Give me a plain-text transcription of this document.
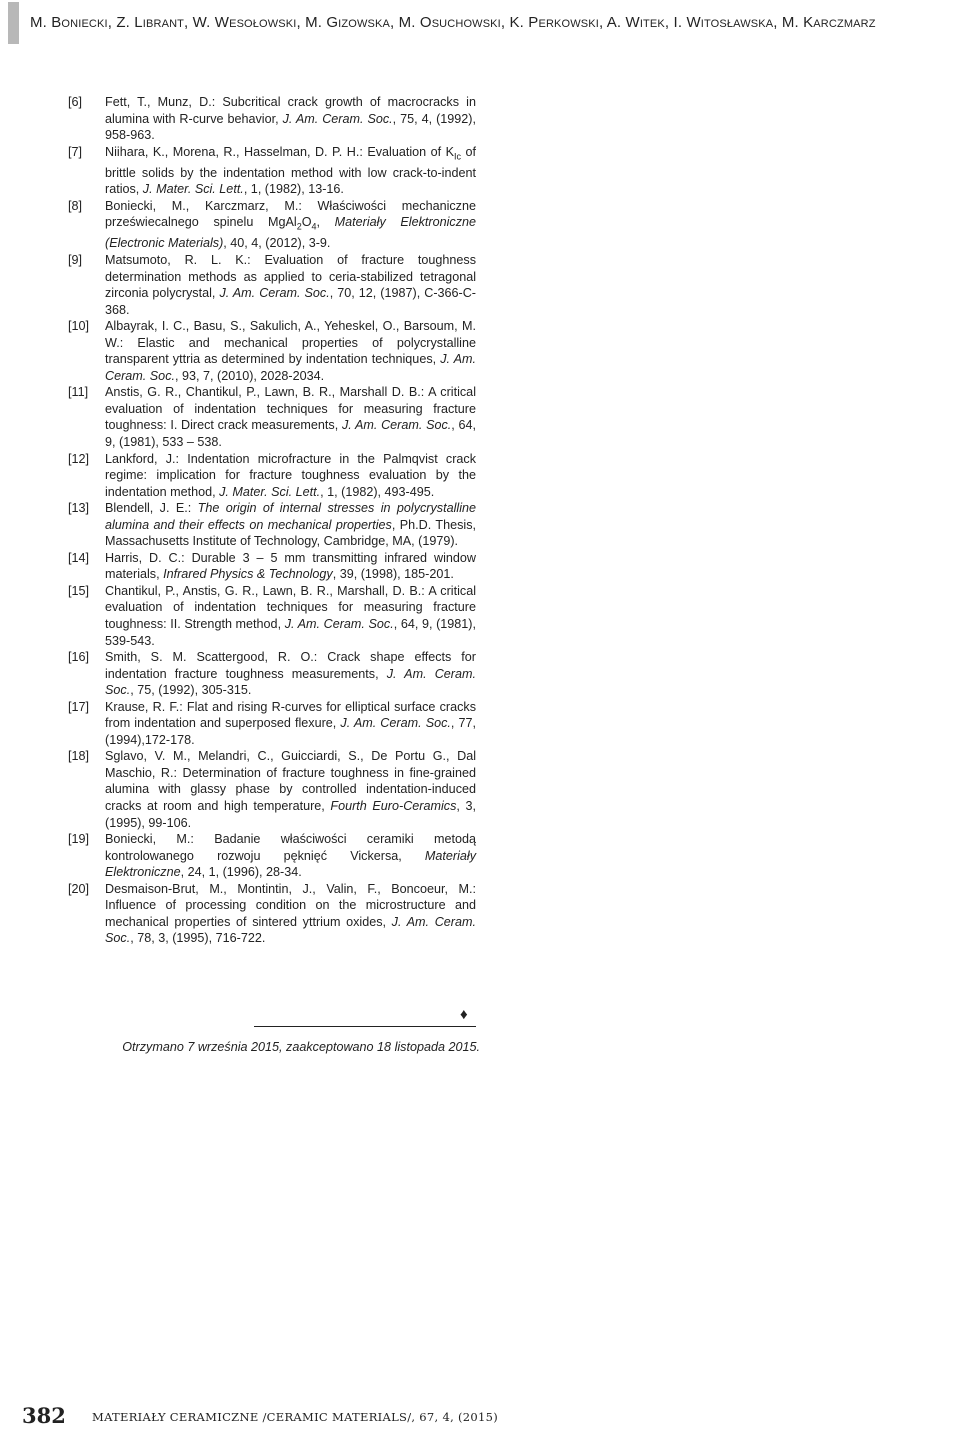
M. Boniecki, Z. Librant, W. Wesołowski, M. Gizowska, M. Osuchowski, K. Perkowski, A. Witek, I. Witosławska, M. Karczmarz
[6]	Fett, T., Munz, D.: Subcritical crack growth of macrocracks in alumina with R-curve behavior, J. Am. Ceram. Soc., 75, 4, (1992), 958-963.
[7]	Niihara, K., Morena, R., Hasselman, D. P. H.: Evaluation of $K_{Ic}$ of brittle solids by the indentation method with low crack-to-indent ratios, J. Mater. Sci. Lett., 1, (1982), 13-16.
[8]	Boniecki, M., Karczmarz, M.: Właściwości mechaniczne przeświecalnego spinelu $MgAl_2O_4$, Materiały Elektroniczne (Electronic Materials), 40, 4, (2012), 3-9.
[9]	Matsumoto, R. L. K.: Evaluation of fracture toughness determination methods as applied to ceria-stabilized tetragonal zirconia polycrystal, J. Am. Ceram. Soc., 70, 12, (1987), C-366-C-368.
[10]	Albayrak, I. C., Basu, S., Sakulich, A., Yeheskel, O., Barsoum, M. W.: Elastic and mechanical properties of polycrystalline transparent yttria as determined by indentation techniques, J. Am. Ceram. Soc., 93, 7, (2010), 2028-2034.
[11]	Anstis, G. R., Chantikul, P., Lawn, B. R., Marshall D. B.: A critical evaluation of indentation techniques for measuring fracture toughness: I. Direct crack measurements, J. Am. Ceram. Soc., 64, 9, (1981), 533 – 538.
[12]	Lankford, J.: Indentation microfracture in the Palmqvist crack regime: implication for fracture toughness evaluation by the indentation method, J. Mater. Sci. Lett., 1, (1982), 493-495.
[13]	Blendell, J. E.: The origin of internal stresses in polycrystalline alumina and their effects on mechanical properties, Ph.D. Thesis, Massachusetts Institute of Technology, Cambridge, MA, (1979).
[14]	Harris, D. C.: Durable 3 – 5 mm transmitting infrared window materials, Infrared Physics & Technology, 39, (1998), 185-201.
[15]	Chantikul, P., Anstis, G. R., Lawn, B. R., Marshall, D. B.: A critical evaluation of indentation techniques for measuring fracture toughness: II. Strength method, J. Am. Ceram. Soc., 64, 9, (1981), 539-543.
[16]	Smith, S. M. Scattergood, R. O.: Crack shape effects for indentation fracture toughness measurements, J. Am. Ceram. Soc., 75, (1992), 305-315.
[17]	Krause, R. F.: Flat and rising R-curves for elliptical surface cracks from indentation and superposed flexure, J. Am. Ceram. Soc., 77, (1994),172-178.
[18]	Sglavo, V. M., Melandri, C., Guicciardi, S., De Portu G., Dal Maschio, R.: Determination of fracture toughness in fine-grained alumina with glassy phase by controlled indentation-induced cracks at room and high temperature, Fourth Euro-Ceramics, 3, (1995), 99-106.
[19]	Boniecki, M.: Badanie właściwości ceramiki metodą kontrolowanego rozwoju pęknięć Vickersa, Materiały Elektroniczne, 24, 1, (1996), 28-34.
[20]	Desmaison-Brut, M., Montintin, J., Valin, F., Boncoeur, M.: Influence of processing condition on the microstructure and mechanical properties of sintered yttrium oxides, J. Am. Ceram. Soc., 78, 3, (1995), 716-722.
♦
Otrzymano 7 września 2015, zaakceptowano 18 listopada 2015.
382 MATERIAŁY CERAMICZNE /CERAMIC MATERIALS/, 67, 4, (2015)
